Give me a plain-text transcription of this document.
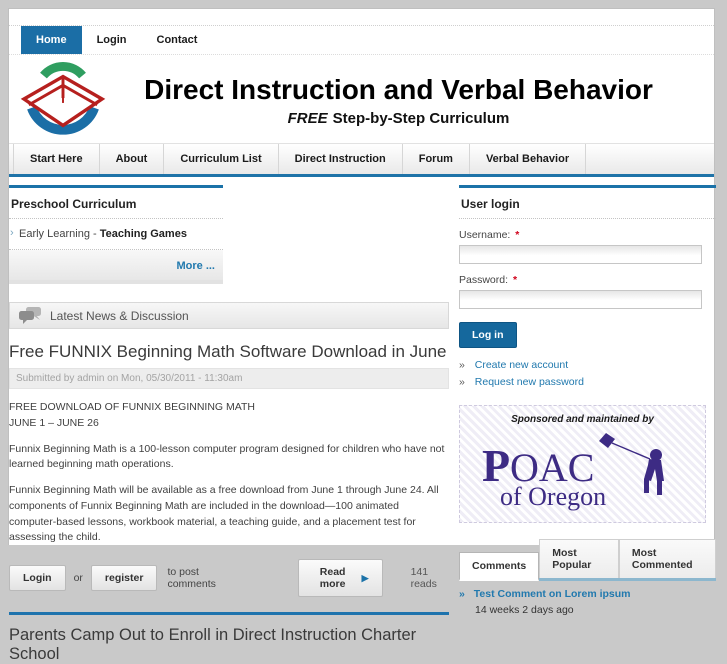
Home	Login	Contact
Direct Instruction and Verbal Behavior
FREE Step-by-Step Curriculum
Start Here	About	Curriculum List	Direct Instruction	Forum	Verbal Behavior
Preschool Curriculum
› Early Learning - Teaching Games
More ...
Latest News & Discussion
Free FUNNIX Beginning Math Software Download in June
Submitted by admin on Mon, 05/30/2011 - 11:30am
FREE DOWNLOAD OF FUNNIX BEGINNING MATH
JUNE 1 – JUNE 26

Funnix Beginning Math is a 100-lesson computer program designed for children who have not learned beginning math operations.

Funnix Beginning Math will be available as a free download from June 1 through June 24. All components of Funnix Beginning Math are included in the download—100 animated computer-based lessons, workbook material, a teaching guide, and a placement test for assessing the child.

Login	or	register	to post comments
Read more
▶	141 reads
Parents Camp Out to Enroll in Direct Instruction Charter School
User login
Username: *
Password: *
Log in
» Create new account
» Request new password
Sponsored and maintained by
P OAC
of Oregon
Comments
Most Popular
Most Commented
» Test Comment on Lorem ipsum
14 weeks 2 days ago
